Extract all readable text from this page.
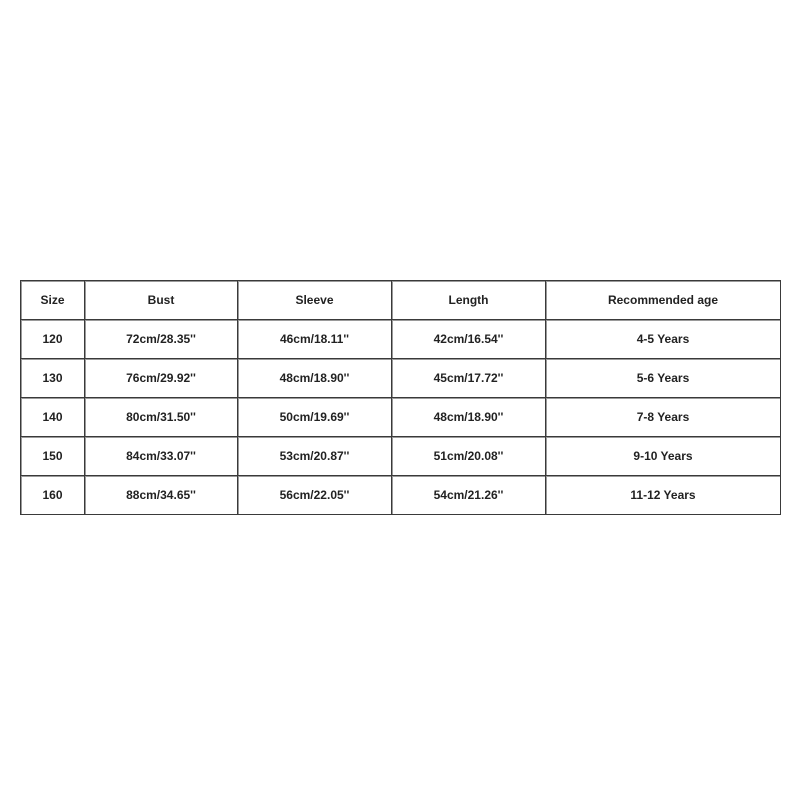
Size	Bust	Sleeve	Length	Recommended age
120	72cm/28.35''	46cm/18.11''	42cm/16.54''	4-5 Years
130	76cm/29.92''	48cm/18.90''	45cm/17.72''	5-6 Years
140	80cm/31.50''	50cm/19.69''	48cm/18.90''	7-8 Years
150	84cm/33.07''	53cm/20.87''	51cm/20.08''	9-10 Years
160	88cm/34.65''	56cm/22.05''	54cm/21.26''	11-12 Years
